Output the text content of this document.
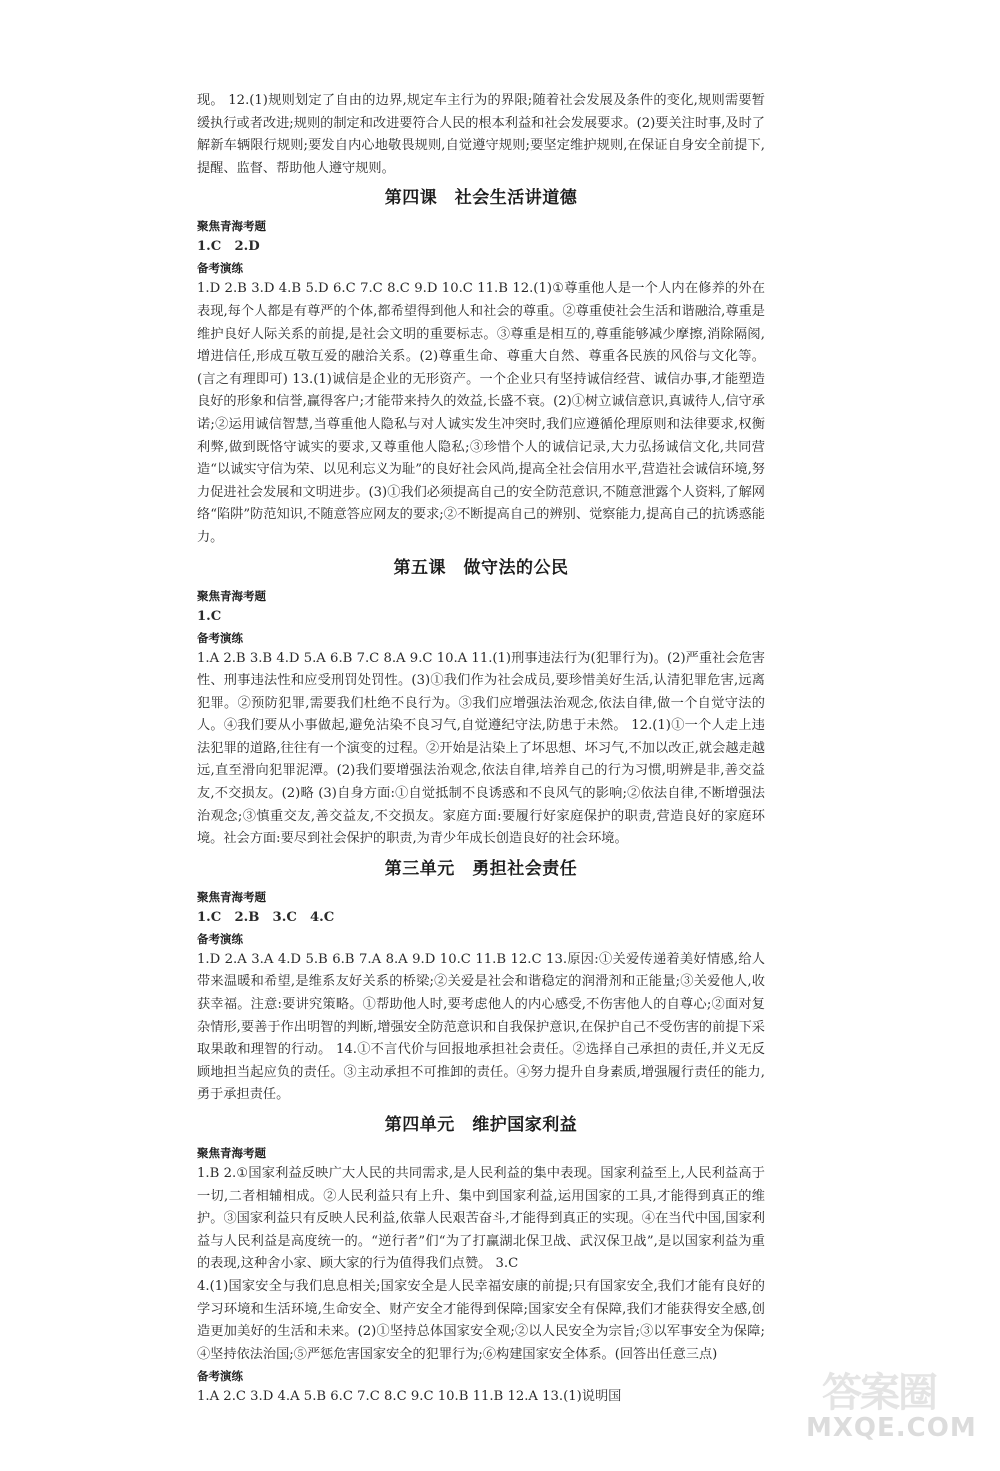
现。 12.(1)规则划定了自由的边界,规定车主行为的界限;随着社会发展及条件的变化,规则需要暂缓执行或者改进;规则的制定和改进要符合人民的根本利益和社会发展要求。(2)要关注时事,及时了解新车辆限行规则;要发自内心地敬畏规则,自觉遵守规则;要坚定维护规则,在保证自身安全前提下,提醒、监督、帮助他人遵守规则。

第四课　社会生活讲道德
聚焦青海考题
1.C　2.D
备考演练

1.D 2.B 3.D 4.B 5.D 6.C 7.C 8.C 9.D 10.C 11.B 12.(1)①尊重他人是一个人内在修养的外在表现,每个人都是有尊严的个体,都希望得到他人和社会的尊重。②尊重使社会生活和谐融洽,尊重是维护良好人际关系的前提,是社会文明的重要标志。③尊重是相互的,尊重能够减少摩擦,消除隔阂,增进信任,形成互敬互爱的融洽关系。(2)尊重生命、尊重大自然、尊重各民族的风俗与文化等。(言之有理即可) 13.(1)诚信是企业的无形资产。一个企业只有坚持诚信经营、诚信办事,才能塑造良好的形象和信誉,赢得客户;才能带来持久的效益,长盛不衰。(2)①树立诚信意识,真诚待人,信守承诺;②运用诚信智慧,当尊重他人隐私与对人诚实发生冲突时,我们应遵循伦理原则和法律要求,权衡利弊,做到既恪守诚实的要求,又尊重他人隐私;③珍惜个人的诚信记录,大力弘扬诚信文化,共同营造“以诚实守信为荣、以见利忘义为耻”的良好社会风尚,提高全社会信用水平,营造社会诚信环境,努力促进社会发展和文明进步。(3)①我们必须提高自己的安全防范意识,不随意泄露个人资料,了解网络“陷阱”防范知识,不随意答应网友的要求;②不断提高自己的辨别、觉察能力,提高自己的抗诱惑能力。

第五课　做守法的公民
聚焦青海考题
1.C
备考演练

1.A 2.B 3.B 4.D 5.A 6.B 7.C 8.A 9.C 10.A 11.(1)刑事违法行为(犯罪行为)。(2)严重社会危害性、刑事违法性和应受刑罚处罚性。(3)①我们作为社会成员,要珍惜美好生活,认清犯罪危害,远离犯罪。②预防犯罪,需要我们杜绝不良行为。③我们应增强法治观念,依法自律,做一个自觉守法的人。④我们要从小事做起,避免沾染不良习气,自觉遵纪守法,防患于未然。 12.(1)①一个人走上违法犯罪的道路,往往有一个演变的过程。②开始是沾染上了坏思想、坏习气,不加以改正,就会越走越远,直至滑向犯罪泥潭。(2)我们要增强法治观念,依法自律,培养自己的行为习惯,明辨是非,善交益友,不交损友。(2)略 (3)自身方面:①自觉抵制不良诱惑和不良风气的影响;②依法自律,不断增强法治观念;③慎重交友,善交益友,不交损友。家庭方面:要履行好家庭保护的职责,营造良好的家庭环境。社会方面:要尽到社会保护的职责,为青少年成长创造良好的社会环境。

第三单元　勇担社会责任
聚焦青海考题
1.C　2.B　3.C　4.C
备考演练

1.D 2.A 3.A 4.D 5.B 6.B 7.A 8.A 9.D 10.C 11.B 12.C 13.原因:①关爱传递着美好情感,给人带来温暖和希望,是维系友好关系的桥梁;②关爱是社会和谐稳定的润滑剂和正能量;③关爱他人,收获幸福。注意:要讲究策略。①帮助他人时,要考虑他人的内心感受,不伤害他人的自尊心;②面对复杂情形,要善于作出明智的判断,增强安全防范意识和自我保护意识,在保护自己不受伤害的前提下采取果敢和理智的行动。 14.①不言代价与回报地承担社会责任。②选择自己承担的责任,并义无反顾地担当起应负的责任。③主动承担不可推卸的责任。④努力提升自身素质,增强履行责任的能力,勇于承担责任。

第四单元　维护国家利益
聚焦青海考题

1.B 2.①国家利益反映广大人民的共同需求,是人民利益的集中表现。国家利益至上,人民利益高于一切,二者相辅相成。②人民利益只有上升、集中到国家利益,运用国家的工具,才能得到真正的维护。③国家利益只有反映人民利益,依靠人民艰苦奋斗,才能得到真正的实现。④在当代中国,国家利益与人民利益是高度统一的。“逆行者”们“为了打赢湖北保卫战、武汉保卫战”,是以国家利益为重的表现,这种舍小家、顾大家的行为值得我们点赞。 3.C

4.(1)国家安全与我们息息相关;国家安全是人民幸福安康的前提;只有国家安全,我们才能有良好的学习环境和生活环境,生命安全、财产安全才能得到保障;国家安全有保障,我们才能获得安全感,创造更加美好的生活和未来。(2)①坚持总体国家安全观;②以人民安全为宗旨;③以军事安全为保障;④坚持依法治国;⑤严惩危害国家安全的犯罪行为;⑥构建国家安全体系。(回答出任意三点)

备考演练

1.A 2.C 3.D 4.A 5.B 6.C 7.C 8.C 9.C 10.B 11.B 12.A 13.(1)说明国	答案圈
MXQE.COM
